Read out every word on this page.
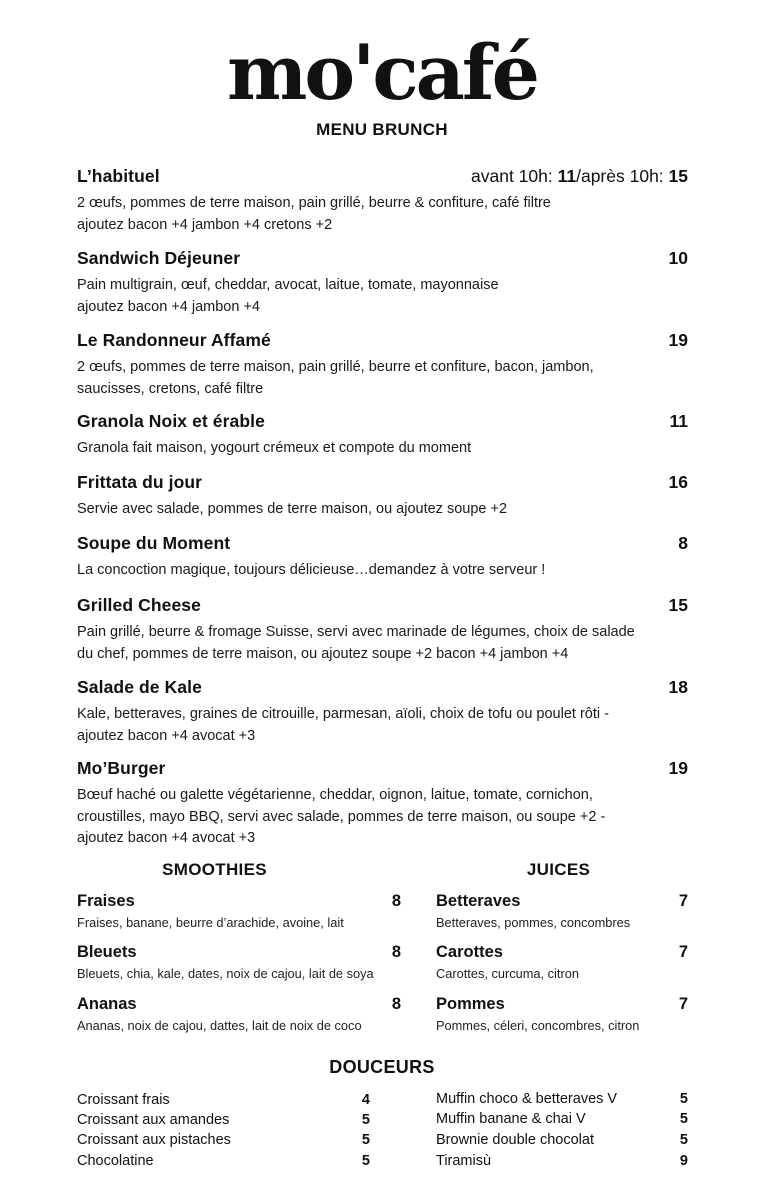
mo'café
MENU BRUNCH
L’habituel	avant 10h: 11/après 10h: 15
2 œufs, pommes de terre maison, pain grillé, beurre & confiture, café filtre
ajoutez bacon +4 jambon +4 cretons +2
Sandwich Déjeuner	10
Pain multigrain, œuf, cheddar, avocat, laitue, tomate, mayonnaise
ajoutez bacon +4 jambon +4
Le Randonneur Affamé	19
2 œufs, pommes de terre maison, pain grillé, beurre et confiture, bacon, jambon,
saucisses, cretons, café filtre
Granola Noix et érable	11
Granola fait maison, yogourt crémeux et compote du moment
Frittata du jour	16
Servie avec salade, pommes de terre maison, ou ajoutez soupe +2
Soupe du Moment	8
La concoction magique, toujours délicieuse…demandez à votre serveur !
Grilled Cheese	15
Pain grillé, beurre & fromage Suisse, servi avec marinade de légumes, choix de salade
du chef, pommes de terre maison, ou ajoutez soupe +2 bacon +4 jambon +4
Salade de Kale	18
Kale, betteraves, graines de citrouille, parmesan, aïoli, choix de tofu ou poulet rôti -
ajoutez bacon +4 avocat +3
Mo’Burger	19
Bœuf haché ou galette végétarienne, cheddar, oignon, laitue, tomate, cornichon,
croustilles, mayo BBQ, servi avec salade, pommes de terre maison, ou soupe +2 -
ajoutez bacon +4 avocat +3
SMOOTHIES	JUICES
Fraises	8
Fraises, banane, beurre d’arachide, avoine, lait
Bleuets	8
Bleuets, chia, kale, dates, noix de cajou, lait de soya
Ananas	8
Ananas, noix de cajou, dattes, lait de noix de coco
Betteraves	7
Betteraves, pommes, concombres
Carottes	7
Carottes, curcuma, citron
Pommes	7
Pommes, céleri, concombres, citron
DOUCEURS
Croissant frais	4
Croissant aux amandes	5
Croissant aux pistaches	5
Chocolatine	5
Muffin choco & betteraves V	5
Muffin banane & chai V	5
Brownie double chocolat	5
Tiramisù	9
